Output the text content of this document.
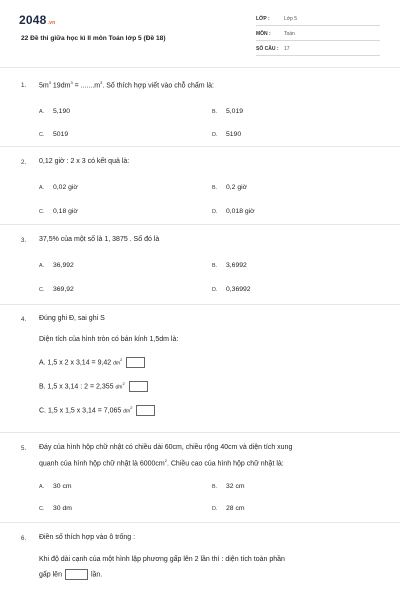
2048.vn
22 Đề thi giữa học kì II môn Toán lớp 5 (Đề 18)
LỚP :	Lớp 5
MÔN :	Toán
SỐ CÂU : 17
1. $5m^3$ $19dm^3 = .......m^3$. Số thích hợp viết vào chỗ chấm là:
A. 5,190	B. 5,019
C. 5019	D. 5190
2. 0,12 giờ : 2 x 3 có kết quả là:
A. 0,02 giờ	B. 0,2 giờ
C. 0,18 giờ	D. 0,018 giờ
3. 37,5% của một số là 1, 3875 . Số đó là
A. 36,992	B. 3,6992
C. 369,92	D. 0,36992
4. Đúng ghi Đ, sai ghi S
Diện tích của hình tròn có bán kính 1,5dm là:
A. 1,5 x 2 x 3,14 = 9,42 $dm^2$
B. 1,5 x 3,14 : 2 = 2,355 $dm^2$
C. 1,5 x 1,5 x 3,14 = 7,065 $dm^2$
5. Đáy của hình hộp chữ nhật có chiều dài 60cm, chiều rộng 40cm và diện tích xung
quanh của hình hộp chữ nhật là $6000cm^2$. Chiều cao của hình hộp chữ nhật là:
A. 30 cm	B. 32 cm
C. 30 dm	D. 28 cm
6. Điền số thích hợp vào ô trống :
Khi độ dài cạnh của một hình lập phương gấp lên 2 lần thì : diện tích toàn phần
gấp lên	lần.
